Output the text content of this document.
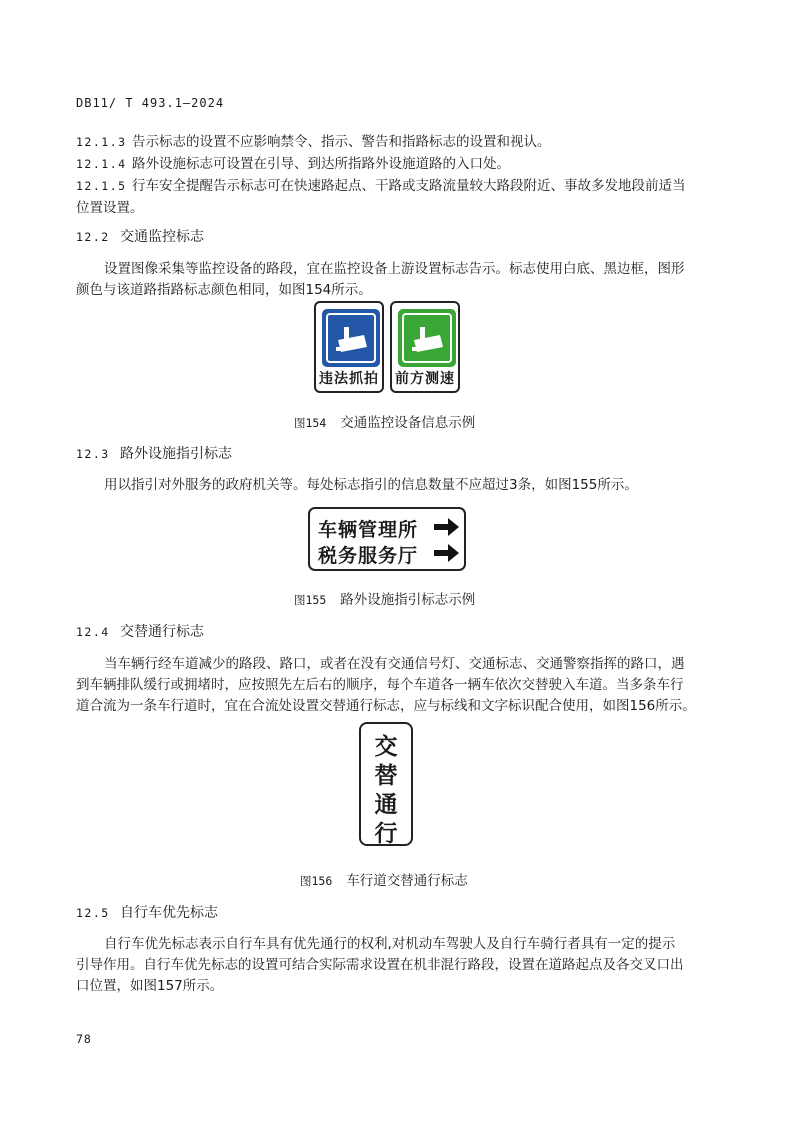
DB11/ T 493.1—2024
12.1.3 告示标志的设置不应影响禁令、指示、警告和指路标志的设置和视认。
12.1.4 路外设施标志可设置在引导、到达所指路外设施道路的入口处。
12.1.5 行车安全提醒告示标志可在快速路起点、干路或支路流量较大路段附近、事故多发地段前适当
位置设置。
12.2 交通监控标志
设置图像采集等监控设备的路段，宜在监控设备上游设置标志告示。标志使用白底、黑边框，图形
颜色与该道路指路标志颜色相同，如图154所示。
违法抓拍 前方测速
图154 交通监控设备信息示例
12.3 路外设施指引标志
用以指引对外服务的政府机关等。每处标志指引的信息数量不应超过3条，如图155所示。
车辆管理所
税务服务厅
图155 路外设施指引标志示例
12.4 交替通行标志
当车辆行经车道减少的路段、路口，或者在没有交通信号灯、交通标志、交通警察指挥的路口，遇
到车辆排队缓行或拥堵时，应按照先左后右的顺序，每个车道各一辆车依次交替驶入车道。当多条车行
道合流为一条车行道时，宜在合流处设置交替通行标志，应与标线和文字标识配合使用，如图156所示。
交
替
通
行
图156 车行道交替通行标志
12.5 自行车优先标志
自行车优先标志表示自行车具有优先通行的权利,对机动车驾驶人及自行车骑行者具有一定的提示
引导作用。自行车优先标志的设置可结合实际需求设置在机非混行路段，设置在道路起点及各交叉口出
口位置，如图157所示。
78
